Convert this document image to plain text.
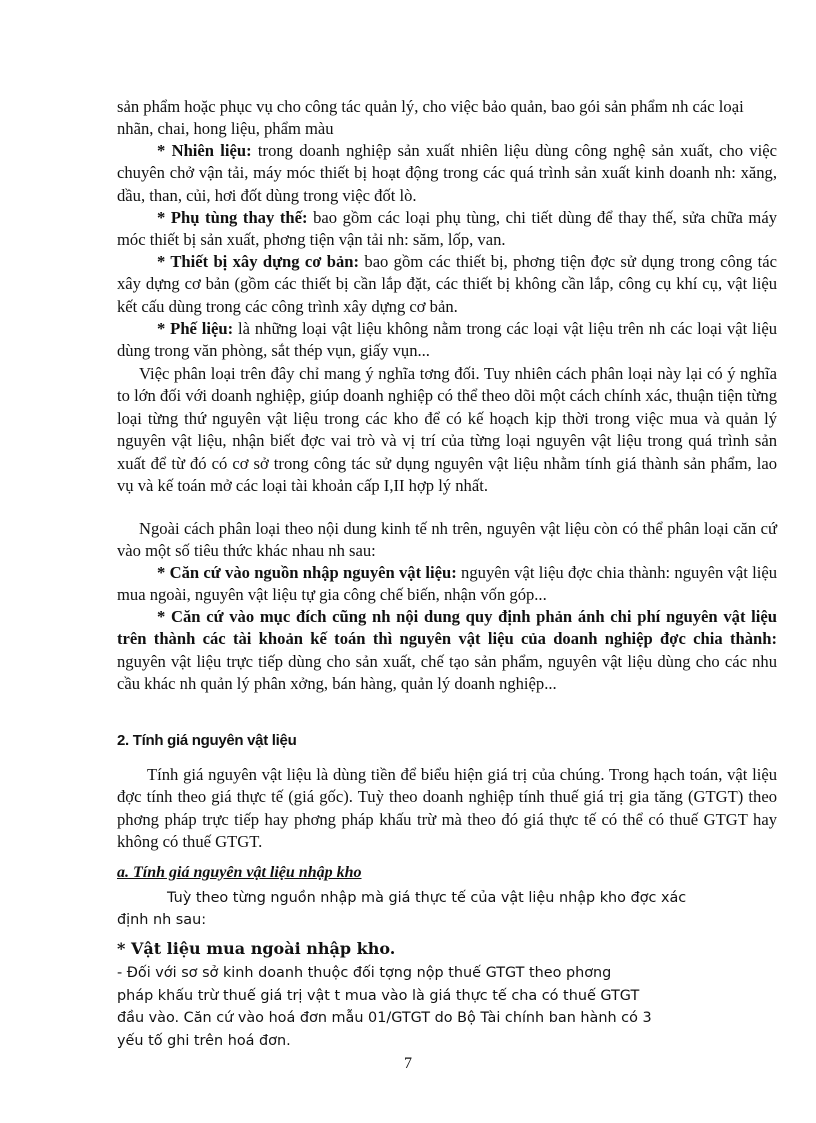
sản phẩm hoặc phục vụ cho công tác quản lý, cho việc bảo quản, bao gói sản phẩm nh các loại nhãn, chai, hong liệu, phẩm màu
* Nhiên liệu: trong doanh nghiệp sản xuất nhiên liệu dùng công nghệ sản xuất, cho việc chuyên chở vận tải, máy móc thiết bị hoạt động trong các quá trình sản xuất kinh doanh nh: xăng, dầu, than, củi, hơi đốt dùng trong việc đốt lò.
* Phụ tùng thay thế: bao gồm các loại phụ tùng, chi tiết dùng để thay thế, sửa chữa máy móc thiết bị sản xuất, phơng tiện vận tải nh: săm, lốp, van.
* Thiết bị xây dựng cơ bản: bao gồm các thiết bị, phơng tiện đợc sử dụng trong công tác xây dựng cơ bản (gồm các thiết bị cần lắp đặt, các thiết bị không cần lắp, công cụ khí cụ, vật liệu kết cấu dùng trong các công trình xây dựng cơ bản.
* Phế liệu: là những loại vật liệu không nằm trong các loại vật liệu trên nh các loại vật liệu dùng trong văn phòng, sắt thép vụn, giấy vụn...
Việc phân loại trên đây chỉ mang ý nghĩa tơng đối. Tuy nhiên cách phân loại này lại có ý nghĩa to lớn đối với doanh nghiệp, giúp doanh nghiệp có thể theo dõi một cách chính xác, thuận tiện từng loại từng thứ nguyên vật liệu trong các kho để có kế hoạch kịp thời trong việc mua và quản lý nguyên vật liệu, nhận biết đợc vai trò và vị trí của từng loại nguyên vật liệu trong quá trình sản xuất để từ đó có cơ sở trong công tác sử dụng nguyên vật liệu nhằm tính giá thành sản phẩm, lao vụ và kế toán mở các loại tài khoản cấp I,II hợp lý nhất.
Ngoài cách phân loại theo nội dung kinh tế nh trên, nguyên vật liệu còn có thể phân loại căn cứ vào một số tiêu thức khác nhau nh sau:
* Căn cứ vào nguồn nhập nguyên vật liệu: nguyên vật liệu đợc chia thành: nguyên vật liệu mua ngoài, nguyên vật liệu tự gia công chế biến, nhận vốn góp...
* Căn cứ vào mục đích cũng nh nội dung quy định phản ánh chi phí nguyên vật liệu trên thành các tài khoản kế toán thì nguyên vật liệu của doanh nghiệp đợc chia thành: nguyên vật liệu trực tiếp dùng cho sản xuất, chế tạo sản phẩm, nguyên vật liệu dùng cho các nhu cầu khác nh quản lý phân xởng, bán hàng, quản lý doanh nghiệp...
2. Tính giá nguyên vật liệu
Tính giá nguyên vật liệu là dùng tiền để biểu hiện giá trị của chúng. Trong hạch toán, vật liệu đợc tính theo giá thực tế (giá gốc). Tuỳ theo doanh nghiệp tính thuế giá trị gia tăng (GTGT) theo phơng pháp trực tiếp hay phơng pháp khấu trừ mà theo đó giá thực tế có thể có thuế GTGT hay không có thuế GTGT.
a. Tính giá nguyên vật liệu nhập kho
Tuỳ theo từng nguồn nhập mà giá thực tế của vật liệu nhập kho đợc xác
định nh sau:
* Vật liệu mua ngoài nhập kho.
- Đối với sơ sở kinh doanh thuộc đối tợng nộp thuế GTGT theo phơng
pháp khấu trừ thuế giá trị vật t mua vào là giá thực tế cha có thuế GTGT
đầu vào. Căn cứ vào hoá đơn mẫu 01/GTGT do Bộ Tài chính ban hành có 3
yếu tố ghi trên hoá đơn.
7
